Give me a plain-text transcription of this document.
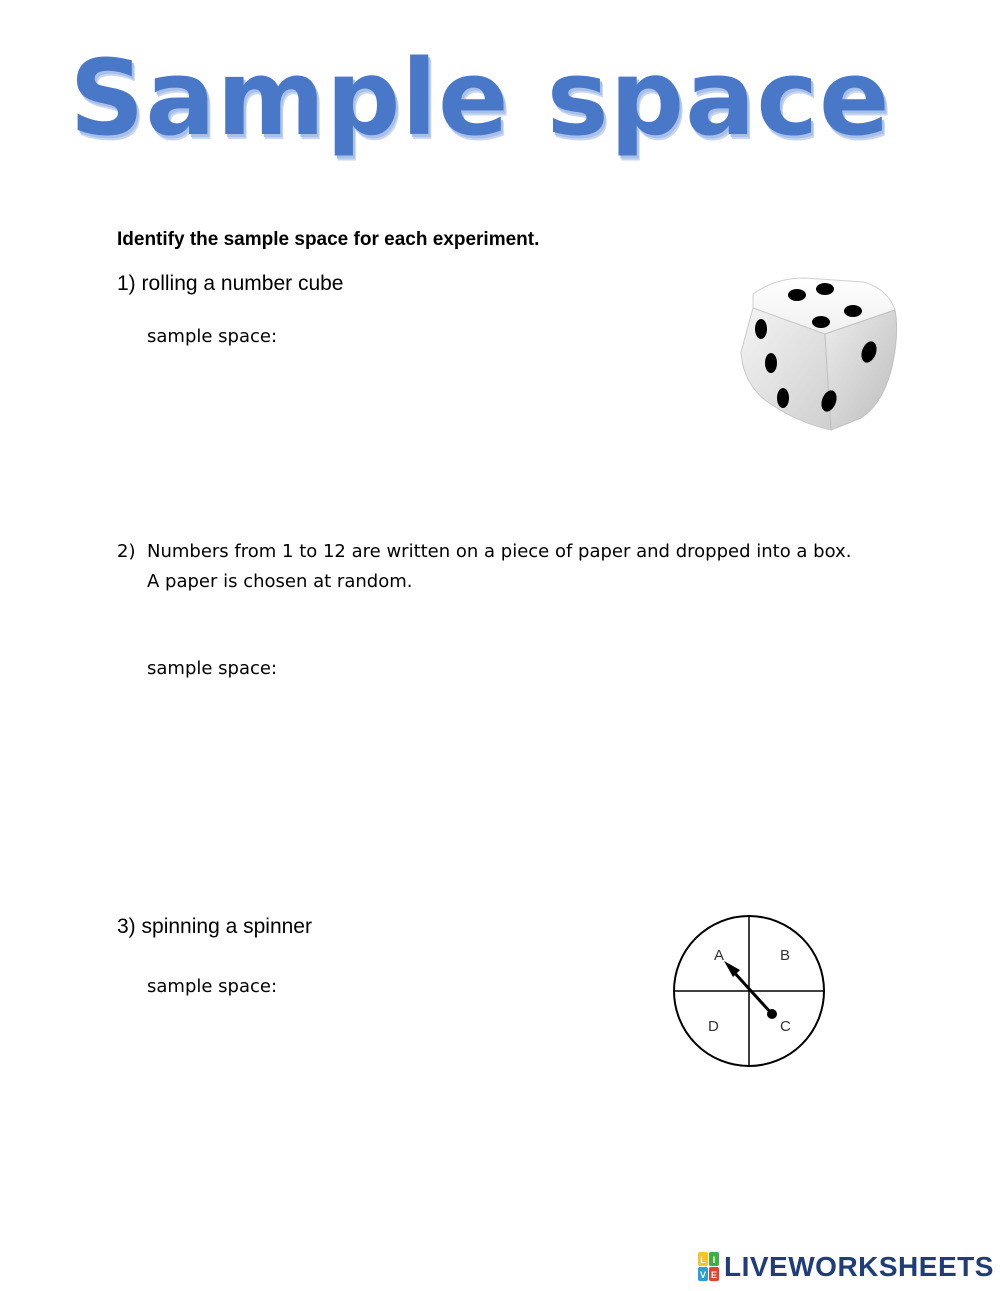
Sample space
Identify the sample space for each experiment.
1) rolling a number cube
sample space:
2) Numbers from 1 to 12 are written on a piece of paper and dropped into a box.
A paper is chosen at random.
sample space:
3) spinning a spinner
sample space:
A	B
D	C
L I
V E LIVEWORKSHEETS
